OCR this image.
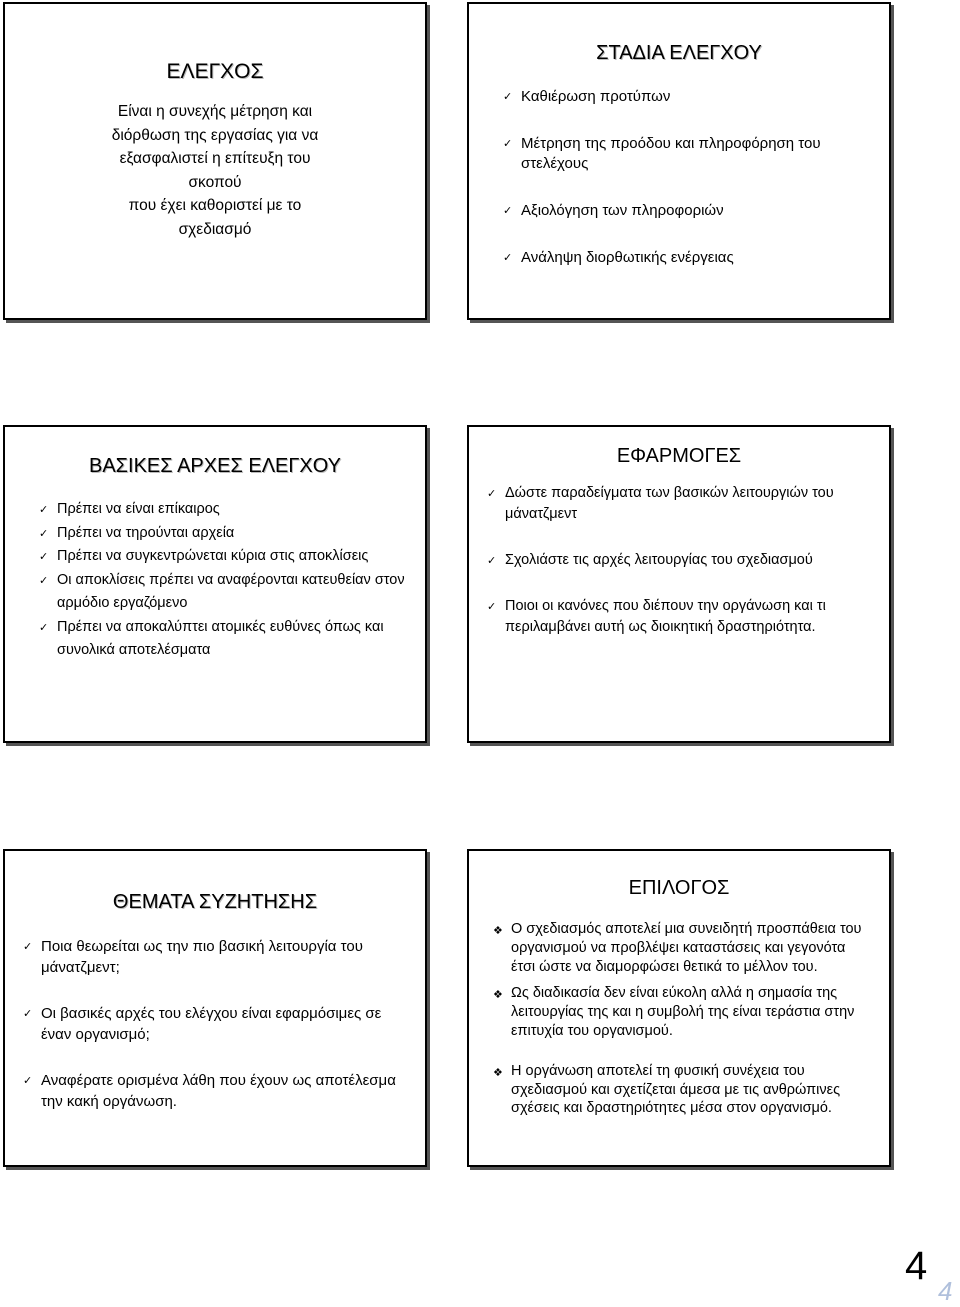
ΕΛΕΓΧΟΣ
Είναι η συνεχής μέτρηση και
διόρθωση της εργασίας για να
εξασφαλιστεί η επίτευξη του
σκοπού
που έχει καθοριστεί με το
σχεδιασμό
ΣΤΑΔΙΑ ΕΛΕΓΧΟΥ
✓ Καθιέρωση προτύπων
✓ Μέτρηση της προόδου και πληροφόρηση του στελέχους
✓ Αξιολόγηση των πληροφοριών
✓ Ανάληψη διορθωτικής ενέργειας
ΒΑΣΙΚΕΣ ΑΡΧΕΣ ΕΛΕΓΧΟΥ
✓ Πρέπει να είναι επίκαιρος
✓ Πρέπει να τηρούνται αρχεία
✓ Πρέπει να συγκεντρώνεται κύρια στις αποκλίσεις
✓ Οι αποκλίσεις πρέπει να αναφέρονται κατευθείαν στον αρμόδιο εργαζόμενο
✓ Πρέπει να αποκαλύπτει ατομικές ευθύνες όπως και συνολικά αποτελέσματα
ΕΦΑΡΜΟΓΕΣ
✓ Δώστε παραδείγματα των βασικών λειτουργιών του μάνατζμεντ
✓ Σχολιάστε τις αρχές λειτουργίας του σχεδιασμού
✓ Ποιοι οι κανόνες που διέπουν την οργάνωση και τι περιλαμβάνει αυτή ως διοικητική δραστηριότητα.
ΘΕΜΑΤΑ ΣΥΖΗΤΗΣΗΣ
✓ Ποια θεωρείται ως την πιο βασική λειτουργία του μάνατζμεντ;
✓ Οι βασικές αρχές του ελέγχου είναι εφαρμόσιμες σε έναν οργανισμό;
✓ Αναφέρατε ορισμένα λάθη που έχουν ως αποτέλεσμα την κακή οργάνωση.
ΕΠΙΛΟΓΟΣ
❖ Ο σχεδιασμός αποτελεί μια συνειδητή προσπάθεια του οργανισμού να προβλέψει καταστάσεις και γεγονότα έτσι ώστε να διαμορφώσει θετικά το μέλλον του.
❖ Ως διαδικασία δεν είναι εύκολη αλλά η σημασία της λειτουργίας της και η συμβολή της είναι τεράστια στην επιτυχία του οργανισμού.
❖ Η οργάνωση αποτελεί τη φυσική συνέχεια του σχεδιασμού και σχετίζεται άμεσα με τις ανθρώπινες σχέσεις και δραστηριότητες μέσα στον οργανισμό.
4
4
